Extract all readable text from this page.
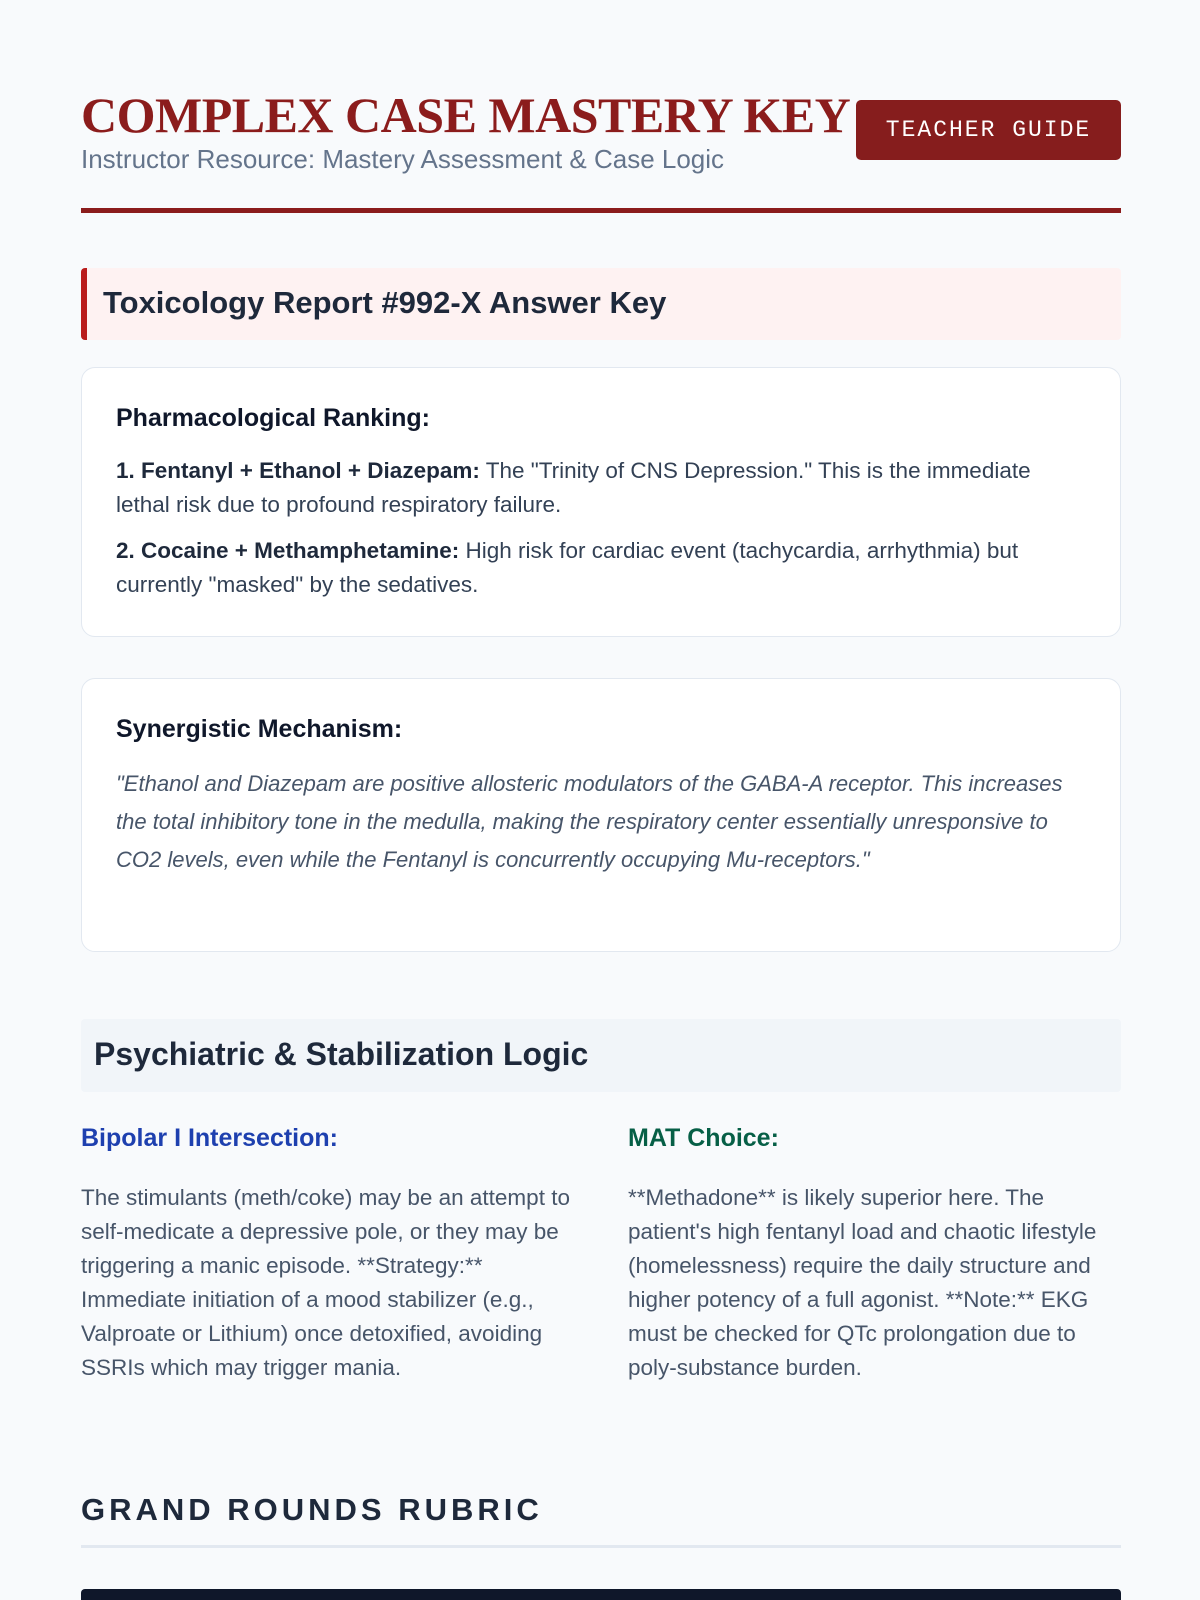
COMPLEX CASE MASTERY KEY
Instructor Resource: Mastery Assessment & Case Logic
TEACHER GUIDE
Toxicology Report #992-X Answer Key
Pharmacological Ranking:
1. Fentanyl + Ethanol + Diazepam: The "Trinity of CNS Depression." This is the immediate lethal risk due to profound respiratory failure.
2. Cocaine + Methamphetamine: High risk for cardiac event (tachycardia, arrhythmia) but currently "masked" by the sedatives.
Synergistic Mechanism:
"Ethanol and Diazepam are positive allosteric modulators of the GABA-A receptor. This increases the total inhibitory tone in the medulla, making the respiratory center essentially unresponsive to CO2 levels, even while the Fentanyl is concurrently occupying Mu-receptors."
Psychiatric & Stabilization Logic
Bipolar I Intersection:
The stimulants (meth/coke) may be an attempt to self-medicate a depressive pole, or they may be triggering a manic episode. **Strategy:** Immediate initiation of a mood stabilizer (e.g., Valproate or Lithium) once detoxified, avoiding SSRIs which may trigger mania.
MAT Choice:
**Methadone** is likely superior here. The patient's high fentanyl load and chaotic lifestyle (homelessness) require the daily structure and higher potency of a full agonist. **Note:** EKG must be checked for QTc prolongation due to poly-substance burden.
GRAND ROUNDS RUBRIC
